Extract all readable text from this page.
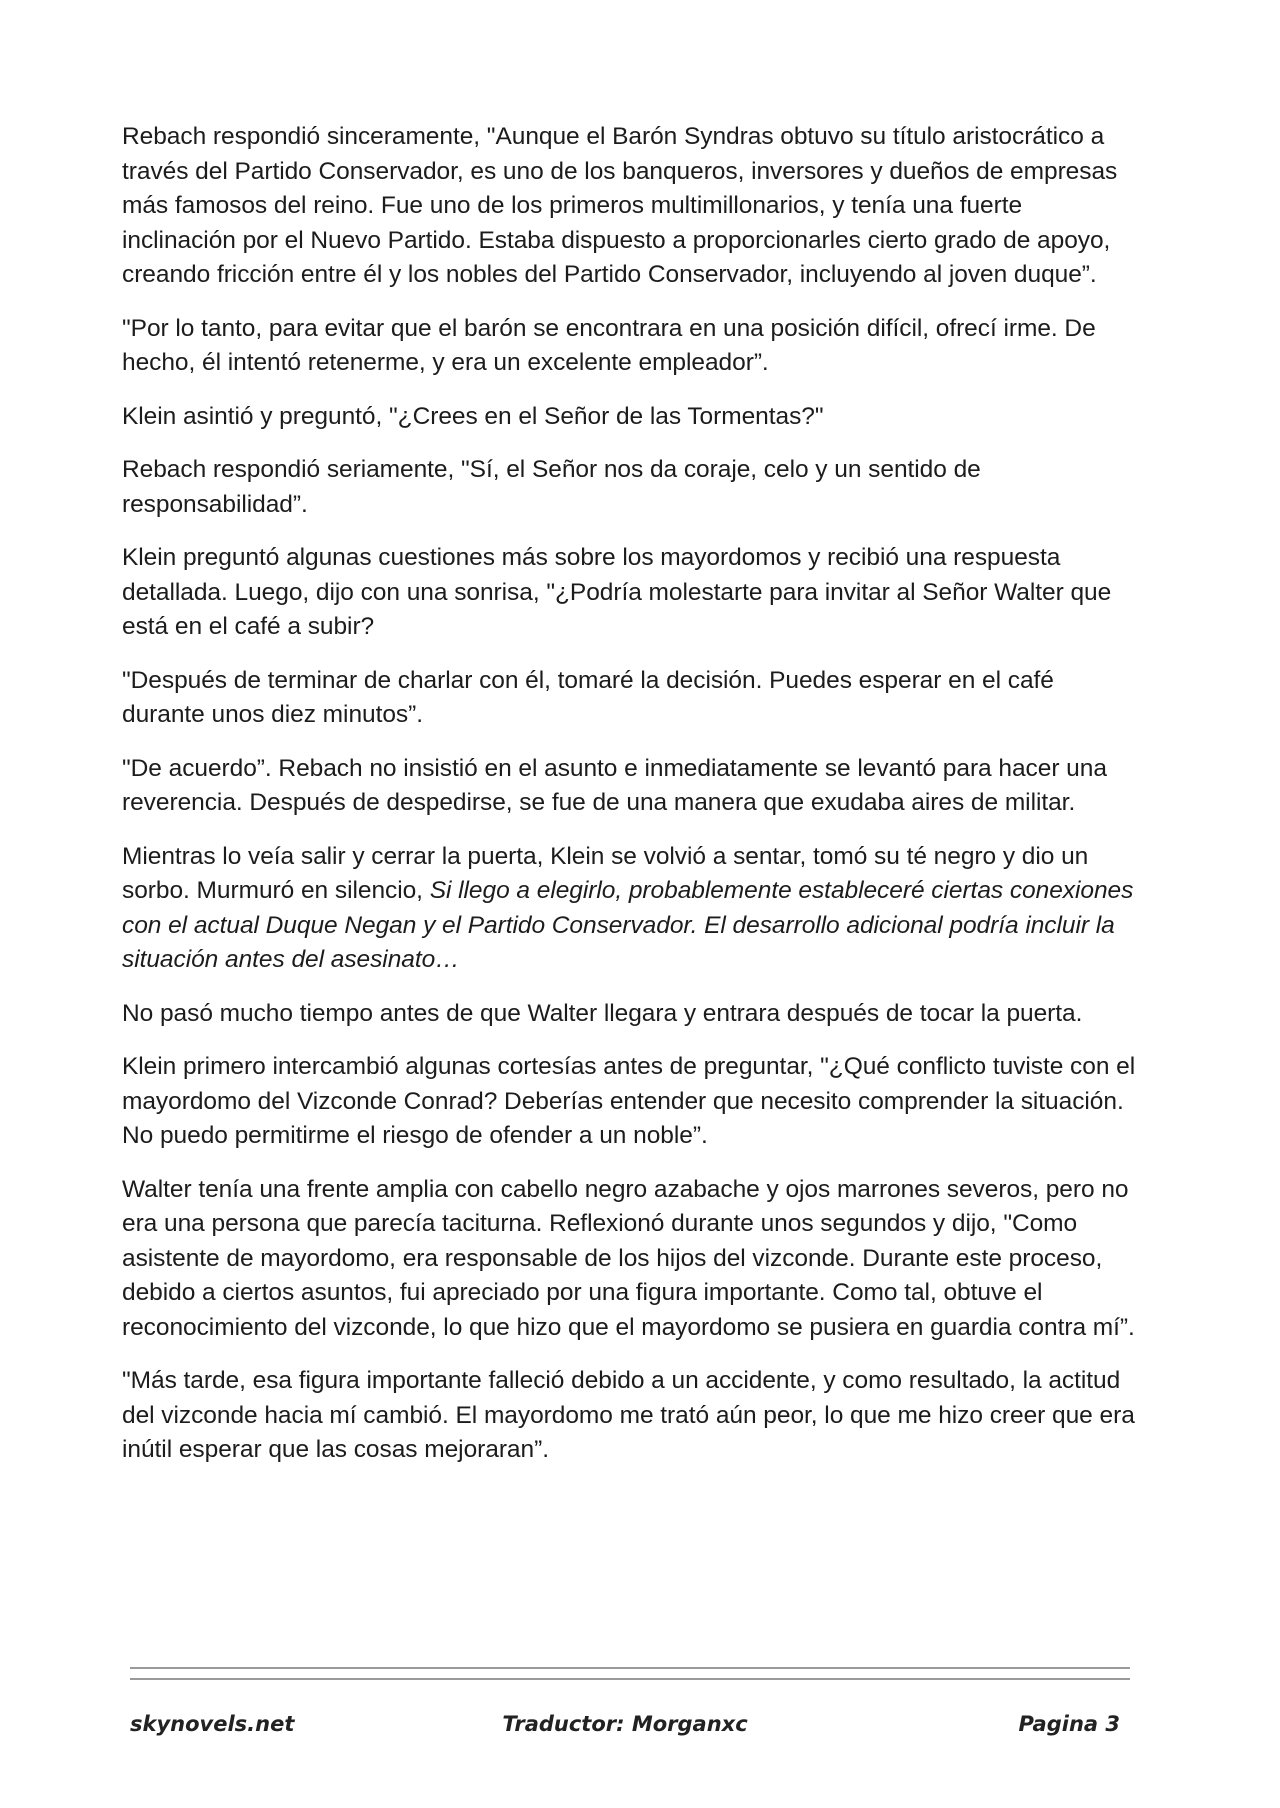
Rebach respondió sinceramente, "Aunque el Barón Syndras obtuvo su título aristocrático a través del Partido Conservador, es uno de los banqueros, inversores y dueños de empresas más famosos del reino. Fue uno de los primeros multimillonarios, y tenía una fuerte inclinación por el Nuevo Partido. Estaba dispuesto a proporcionarles cierto grado de apoyo, creando fricción entre él y los nobles del Partido Conservador, incluyendo al joven duque”.

"Por lo tanto, para evitar que el barón se encontrara en una posición difícil, ofrecí irme. De hecho, él intentó retenerme, y era un excelente empleador”.

Klein asintió y preguntó, "¿Crees en el Señor de las Tormentas?"

Rebach respondió seriamente, "Sí, el Señor nos da coraje, celo y un sentido de responsabilidad”.

Klein preguntó algunas cuestiones más sobre los mayordomos y recibió una respuesta detallada. Luego, dijo con una sonrisa, "¿Podría molestarte para invitar al Señor Walter que está en el café a subir?

"Después de terminar de charlar con él, tomaré la decisión. Puedes esperar en el café durante unos diez minutos”.

"De acuerdo”. Rebach no insistió en el asunto e inmediatamente se levantó para hacer una reverencia. Después de despedirse, se fue de una manera que exudaba aires de militar.

Mientras lo veía salir y cerrar la puerta, Klein se volvió a sentar, tomó su té negro y dio un sorbo. Murmuró en silencio, Si llego a elegirlo, probablemente estableceré ciertas conexiones con el actual Duque Negan y el Partido Conservador. El desarrollo adicional podría incluir la situación antes del asesinato…

No pasó mucho tiempo antes de que Walter llegara y entrara después de tocar la puerta.

Klein primero intercambió algunas cortesías antes de preguntar, "¿Qué conflicto tuviste con el mayordomo del Vizconde Conrad? Deberías entender que necesito comprender la situación. No puedo permitirme el riesgo de ofender a un noble”.

Walter tenía una frente amplia con cabello negro azabache y ojos marrones severos, pero no era una persona que parecía taciturna. Reflexionó durante unos segundos y dijo, "Como asistente de mayordomo, era responsable de los hijos del vizconde. Durante este proceso, debido a ciertos asuntos, fui apreciado por una figura importante. Como tal, obtuve el reconocimiento del vizconde, lo que hizo que el mayordomo se pusiera en guardia contra mí”.

"Más tarde, esa figura importante falleció debido a un accidente, y como resultado, la actitud del vizconde hacia mí cambió. El mayordomo me trató aún peor, lo que me hizo creer que era inútil esperar que las cosas mejoraran”.

skynovels.net	Traductor: Morganxc	Pagina 3
